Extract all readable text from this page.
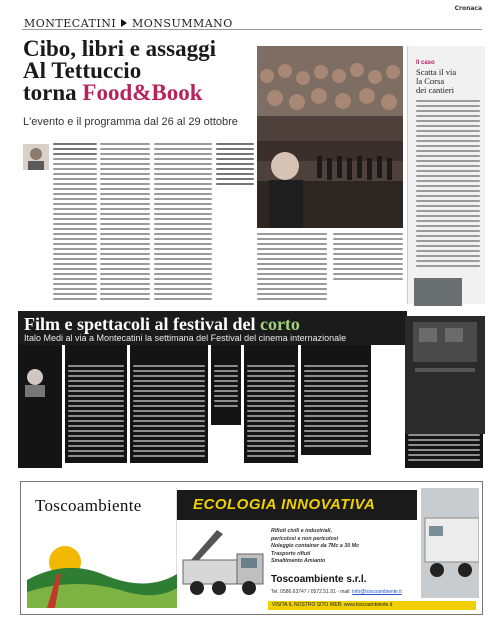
Cronaca
MONTECATINI MONSUMMANO
Cibo, libri e assaggi
Al Tettuccio
torna Food&Book
L'evento e il programma dal 26 al 29 ottobre
Il caso
Scatta il via
la Corsa
dei cantieri
Film e spettacoli al festival del corto
Italo Medi al via a Montecatini la settimana del Festival del cinema internazionale
Toscoambiente	ECOLOGIA INNOVATIVA
Rifiuti civili e industriali,
pericolosi e non pericolosi
Noleggio container da 7Mc a 30 Mc
Trasporto rifiuti
Smaltimento Amianto
Toscoambiente s.r.l.
Tel. 0586.63747 / 0572.51.91 - mail: info@toscoambiente.it
VISITA IL NOSTRO SITO WEB: www.toscoambiente.it
